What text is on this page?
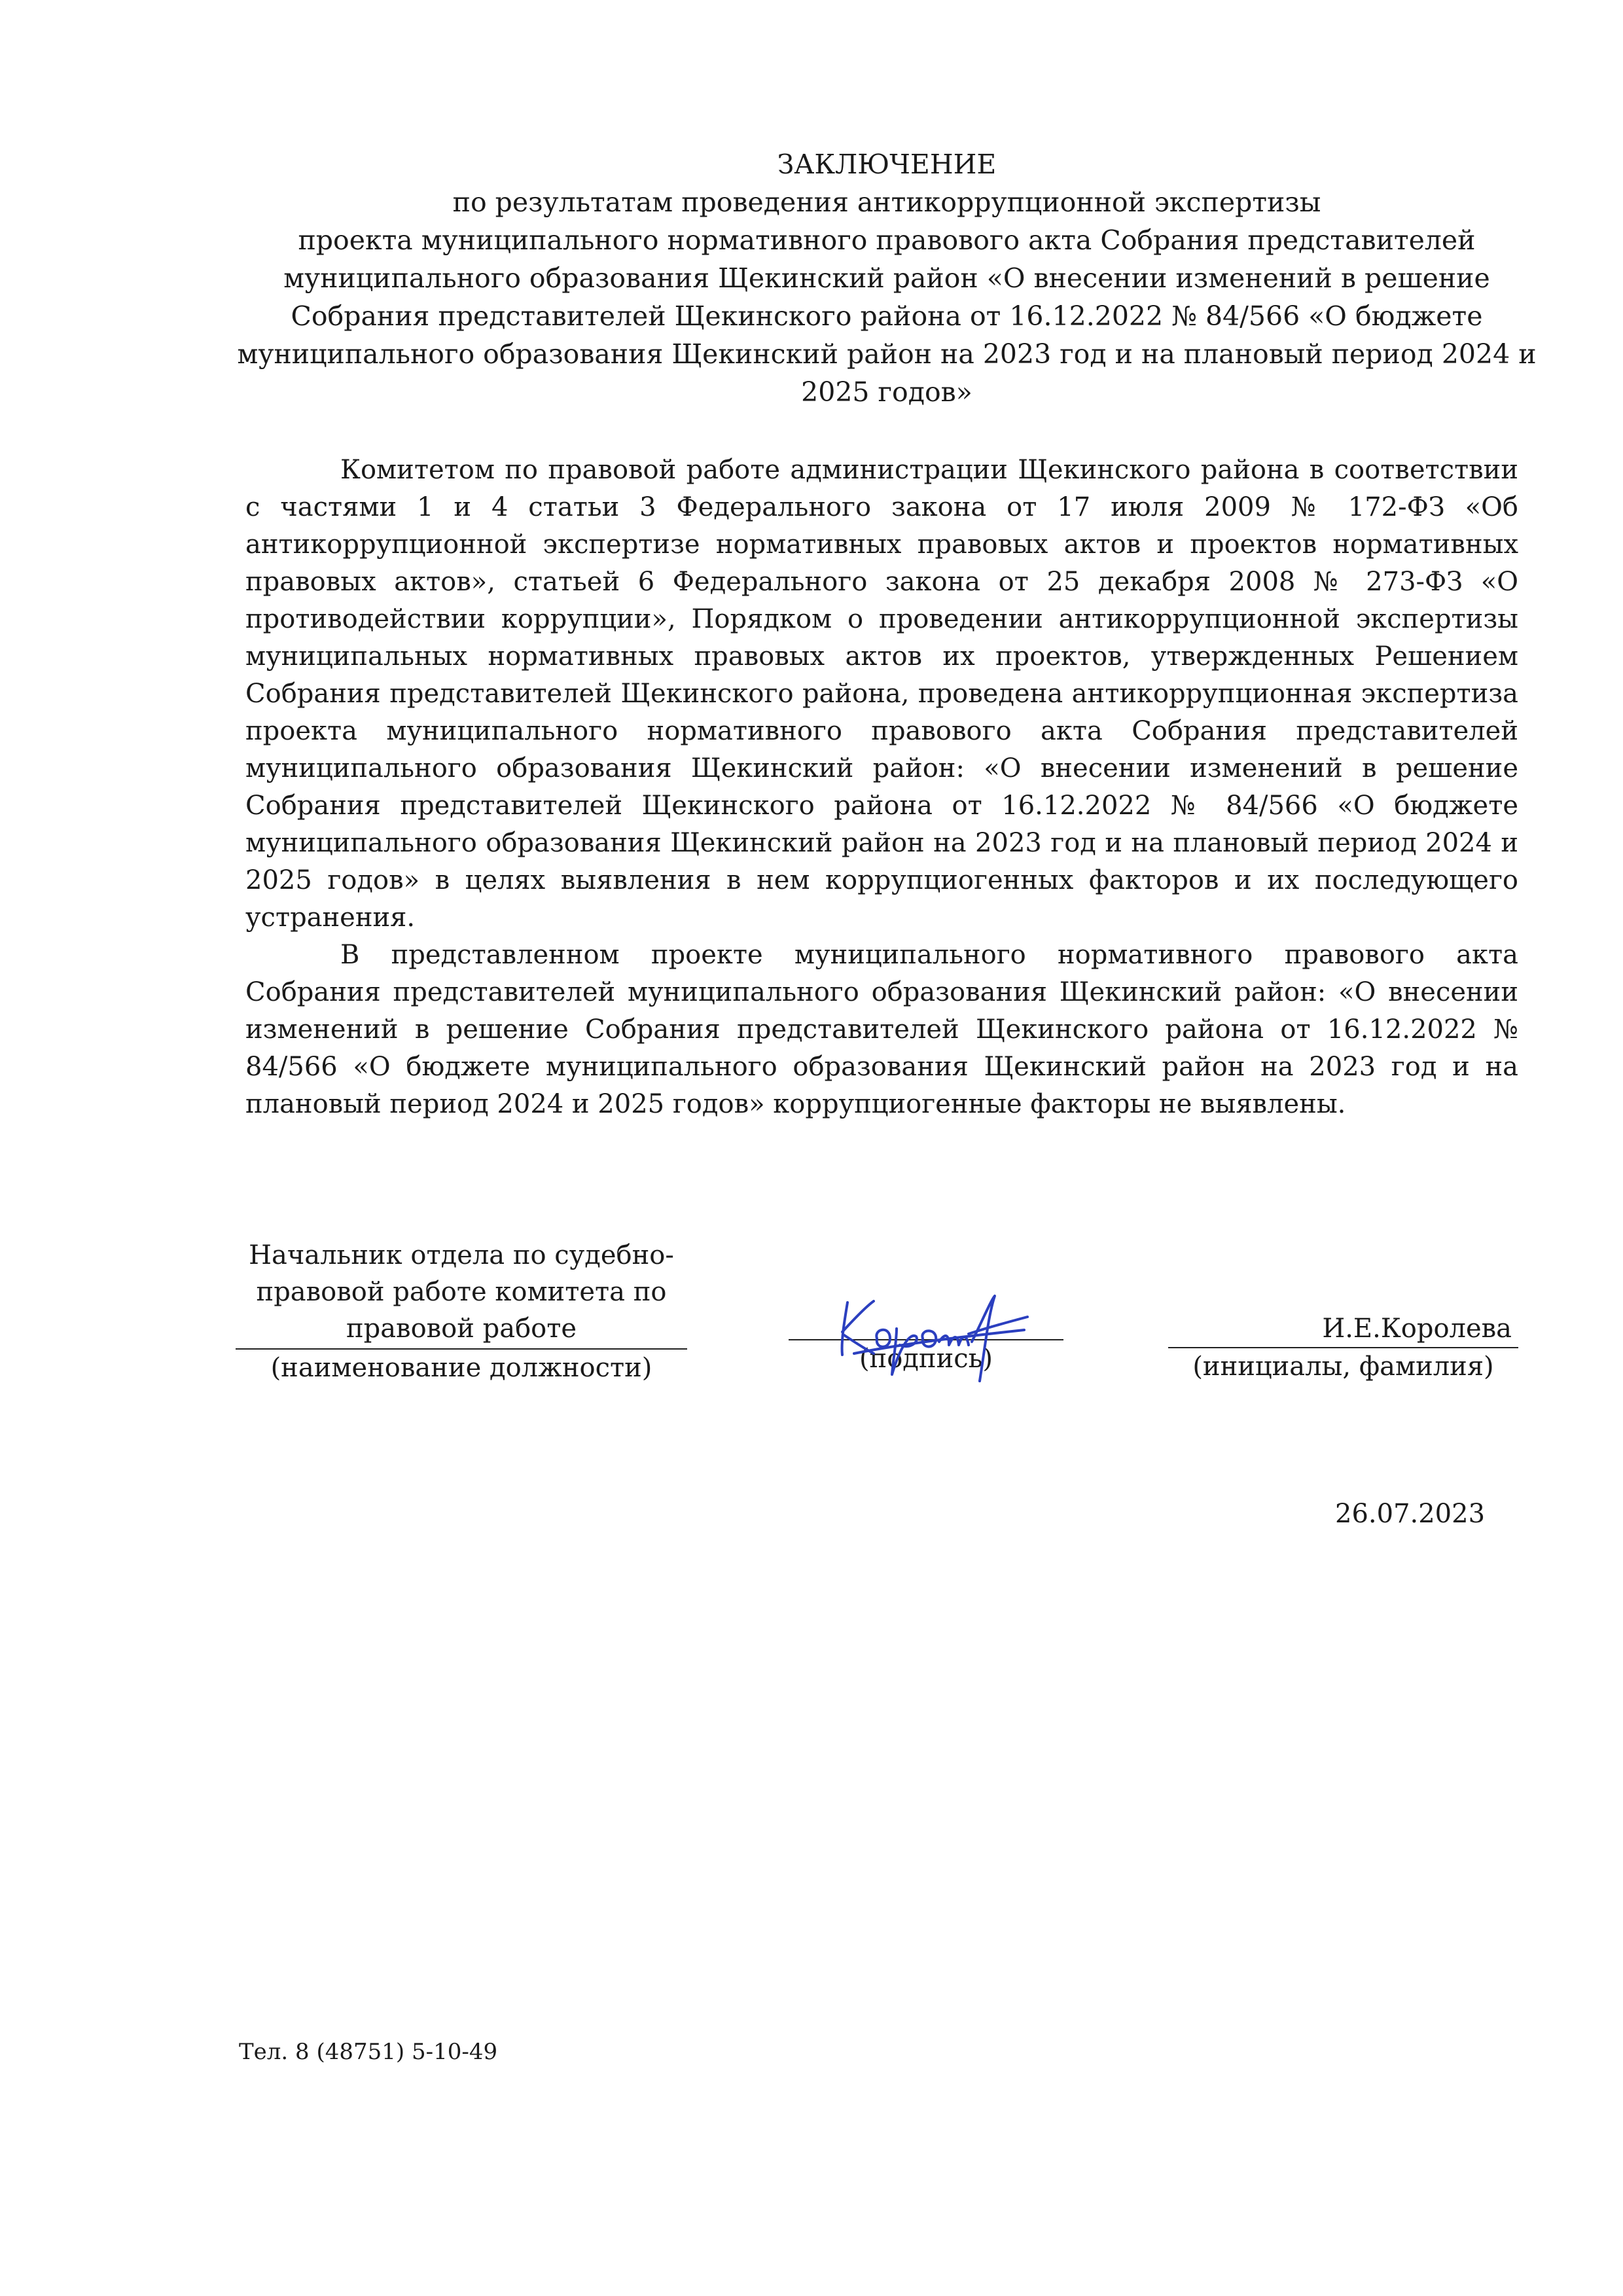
ЗАКЛЮЧЕНИЕ
по результатам проведения антикоррупционной экспертизы
проекта муниципального нормативного правового акта Собрания представителей
муниципального образования Щекинский район «О внесении изменений в решение
Собрания представителей Щекинского района от 16.12.2022 № 84/566 «О бюджете
муниципального образования Щекинский район на 2023 год и на плановый период 2024 и
2025 годов»

Комитетом по правовой работе администрации Щекинского района в соответствии с частями 1 и 4 статьи 3 Федерального закона от 17 июля 2009 № 172-ФЗ «Об антикоррупционной экспертизе нормативных правовых актов и проектов нормативных правовых актов», статьей 6 Федерального закона от 25 декабря 2008 № 273-ФЗ «О противодействии коррупции», Порядком о проведении антикоррупционной экспертизы муниципальных нормативных правовых актов их проектов, утвержденных Решением Собрания представителей Щекинского района, проведена антикоррупционная экспертиза проекта муниципального нормативного правового акта Собрания представителей муниципального образования Щекинский район: «О внесении изменений в решение Собрания представителей Щекинского района от 16.12.2022 № 84/566 «О бюджете муниципального образования Щекинский район на 2023 год и на плановый период 2024 и 2025 годов» в целях выявления в нем коррупциогенных факторов и их последующего устранения.

В представленном проекте муниципального нормативного правового акта Собрания представителей муниципального образования Щекинский район: «О внесении изменений в решение Собрания представителей Щекинского района от 16.12.2022 № 84/566 «О бюджете муниципального образования Щекинский район на 2023 год и на плановый период 2024 и 2025 годов» коррупциогенные факторы не выявлены.

Начальник отдела по судебно-
правовой работе комитета по
правовой работе
(наименование должности)	(подпись)
И.Е.Королева
(инициалы, фамилия)
26.07.2023
Тел. 8 (48751) 5-10-49
